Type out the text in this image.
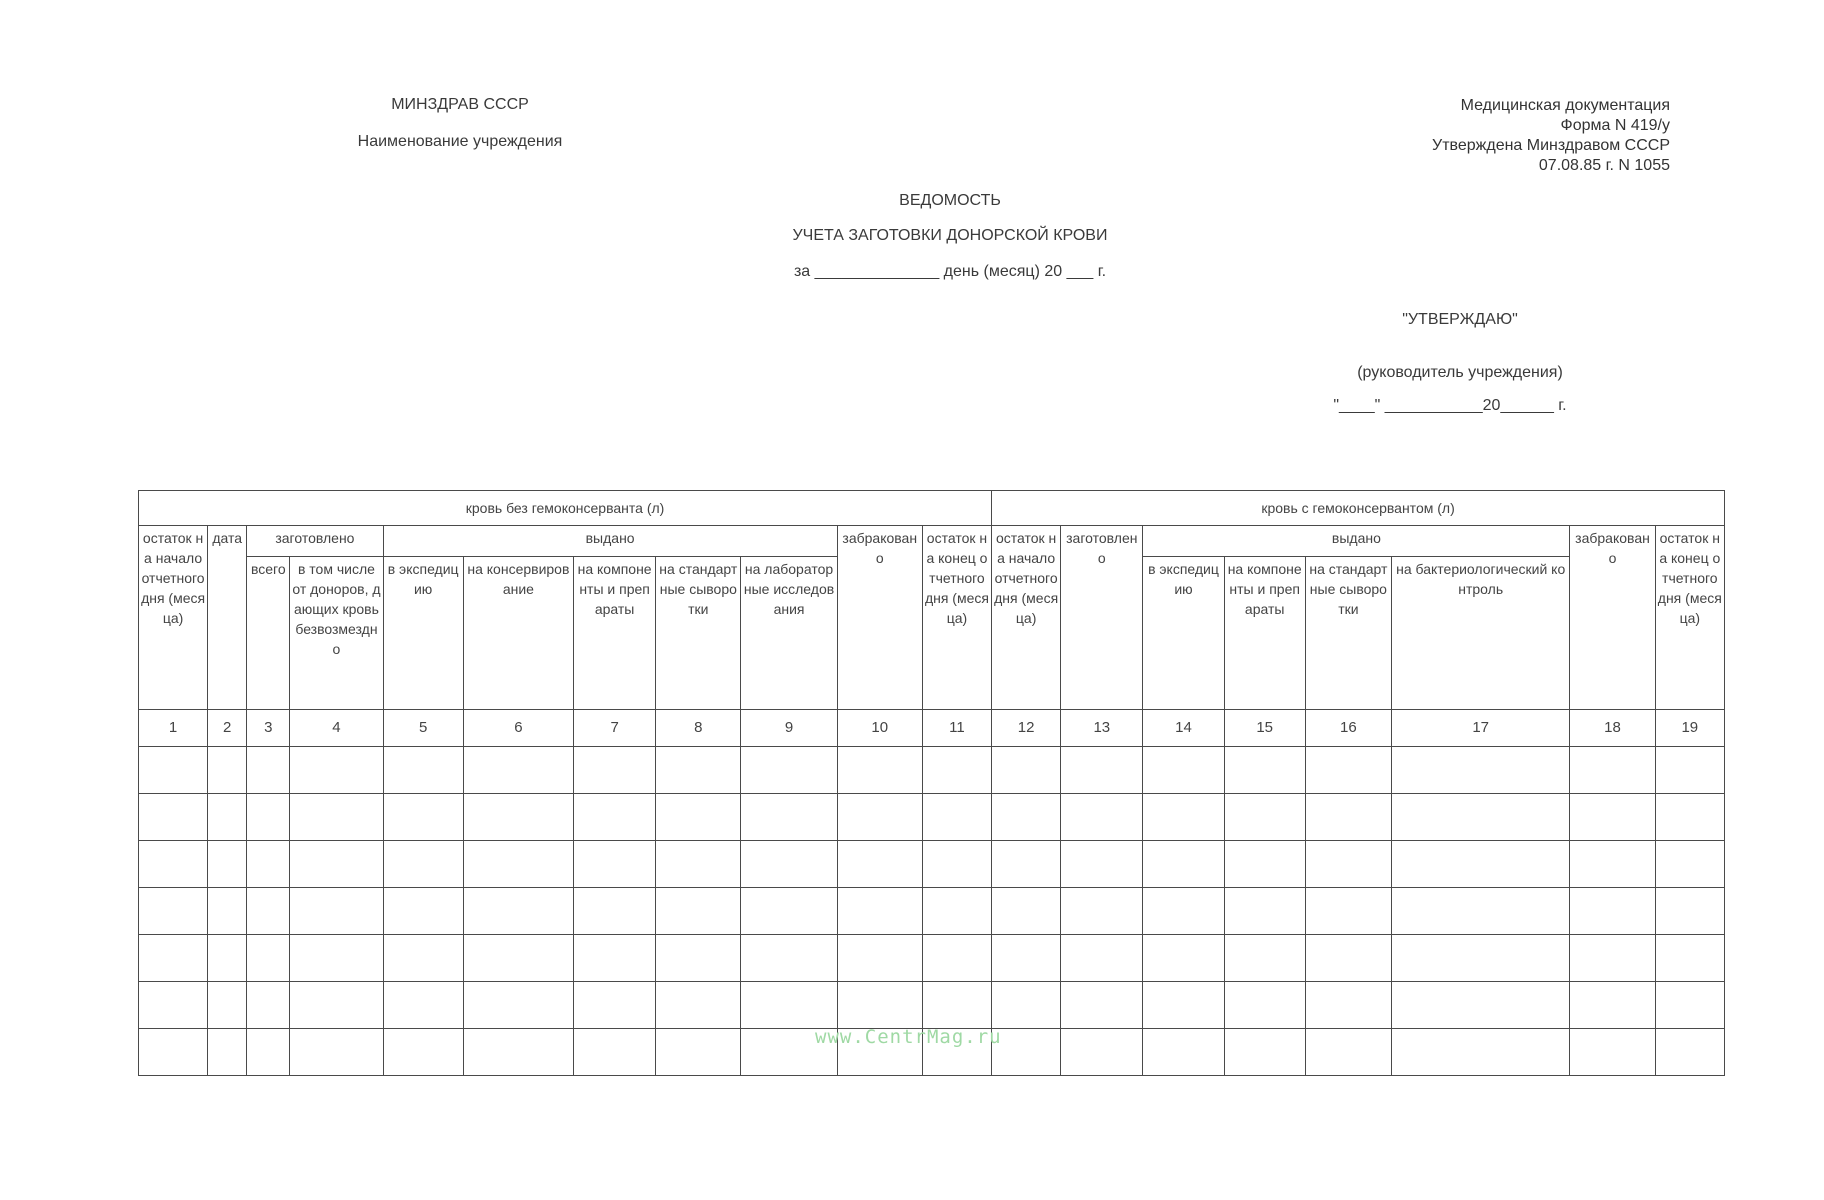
МИНЗДРАВ СССР
Наименование учреждения
Медицинская документация
Форма N 419/у
Утверждена Минздравом СССР
07.08.85 г. N 1055
ВЕДОМОСТЬ
УЧЕТА ЗАГОТОВКИ ДОНОРСКОЙ КРОВИ
за ______________ день (месяц) 20 ___ г.
"УТВЕРЖДАЮ"
(руководитель учреждения)
"____" ___________20______ г.
кровь без гемоконсерванта (л)											кровь с гемоконсервантом (л)							
остаток на начало отчетного дня (месяца)	дата	заготовлено		выдано					забраковано	остаток на конец отчетного дня (месяца)	остаток на начало отчетного дня (месяца)	заготовлено	выдано				забраковано	остаток на конец отчетного дня (месяца)
		всего	в том числе от доноров, дающих кровь безвозмездно	в экспедицию	на консервирование	на компоненты и препараты	на стандартные сыворотки	на лабораторные исследования					в экспедицию	на компоненты и препараты	на стандартные сыворотки	на бактериологический контроль		
1	2	3	4	5	6	7	8	9	10	11	12	13	14	15	16	17	18	19

www.CentrMag.ru
